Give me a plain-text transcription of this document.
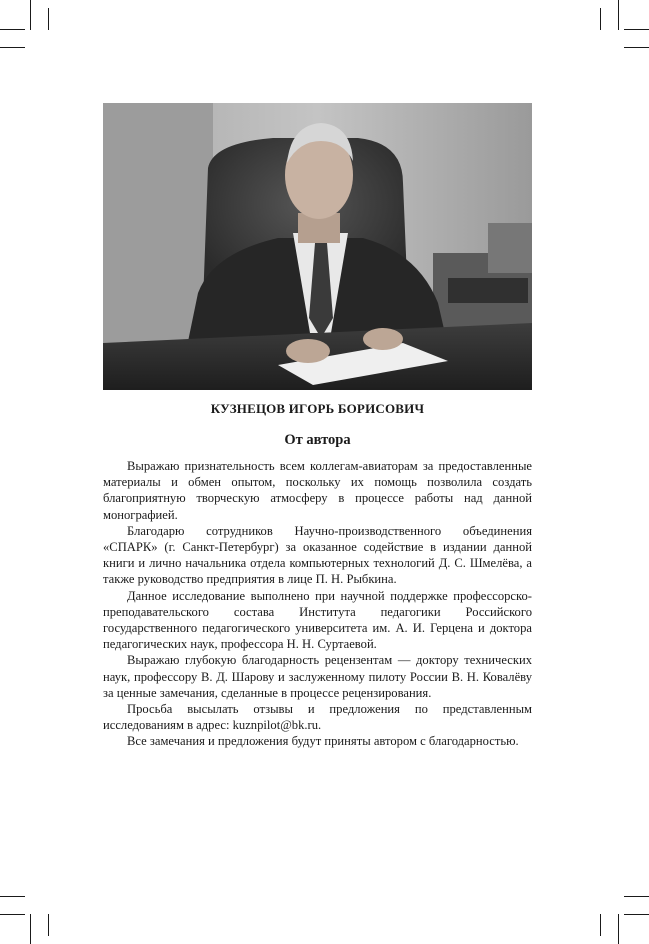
КУЗНЕЦОВ ИГОРЬ БОРИСОВИЧ
От автора

Выражаю признательность всем коллегам-авиаторам за предоставленные материалы и обмен опытом, поскольку их помощь позволила создать благоприятную творческую атмосферу в процессе работы над данной монографией.

Благодарю сотрудников Научно-производственного объединения «СПАРК» (г. Санкт-Петербург) за оказанное содействие в издании данной книги и лично начальника отдела компьютерных технологий Д. С. Шмелёва, а также руководство предприятия в лице П. Н. Рыбкина.

Данное исследование выполнено при научной поддержке профессорско-преподавательского состава Института педагогики Российского государственного педагогического университета им. А. И. Герцена и доктора педагогических наук, профессора Н. Н. Суртаевой.

Выражаю глубокую благодарность рецензентам — доктору технических наук, профессору В. Д. Шарову и заслуженному пилоту России В. Н. Ковалёву за ценные замечания, сделанные в процессе рецензирования.

Просьба высылать отзывы и предложения по представленным исследованиям в адрес: kuznpilot@bk.ru.

Все замечания и предложения будут приняты автором с благодарностью.
